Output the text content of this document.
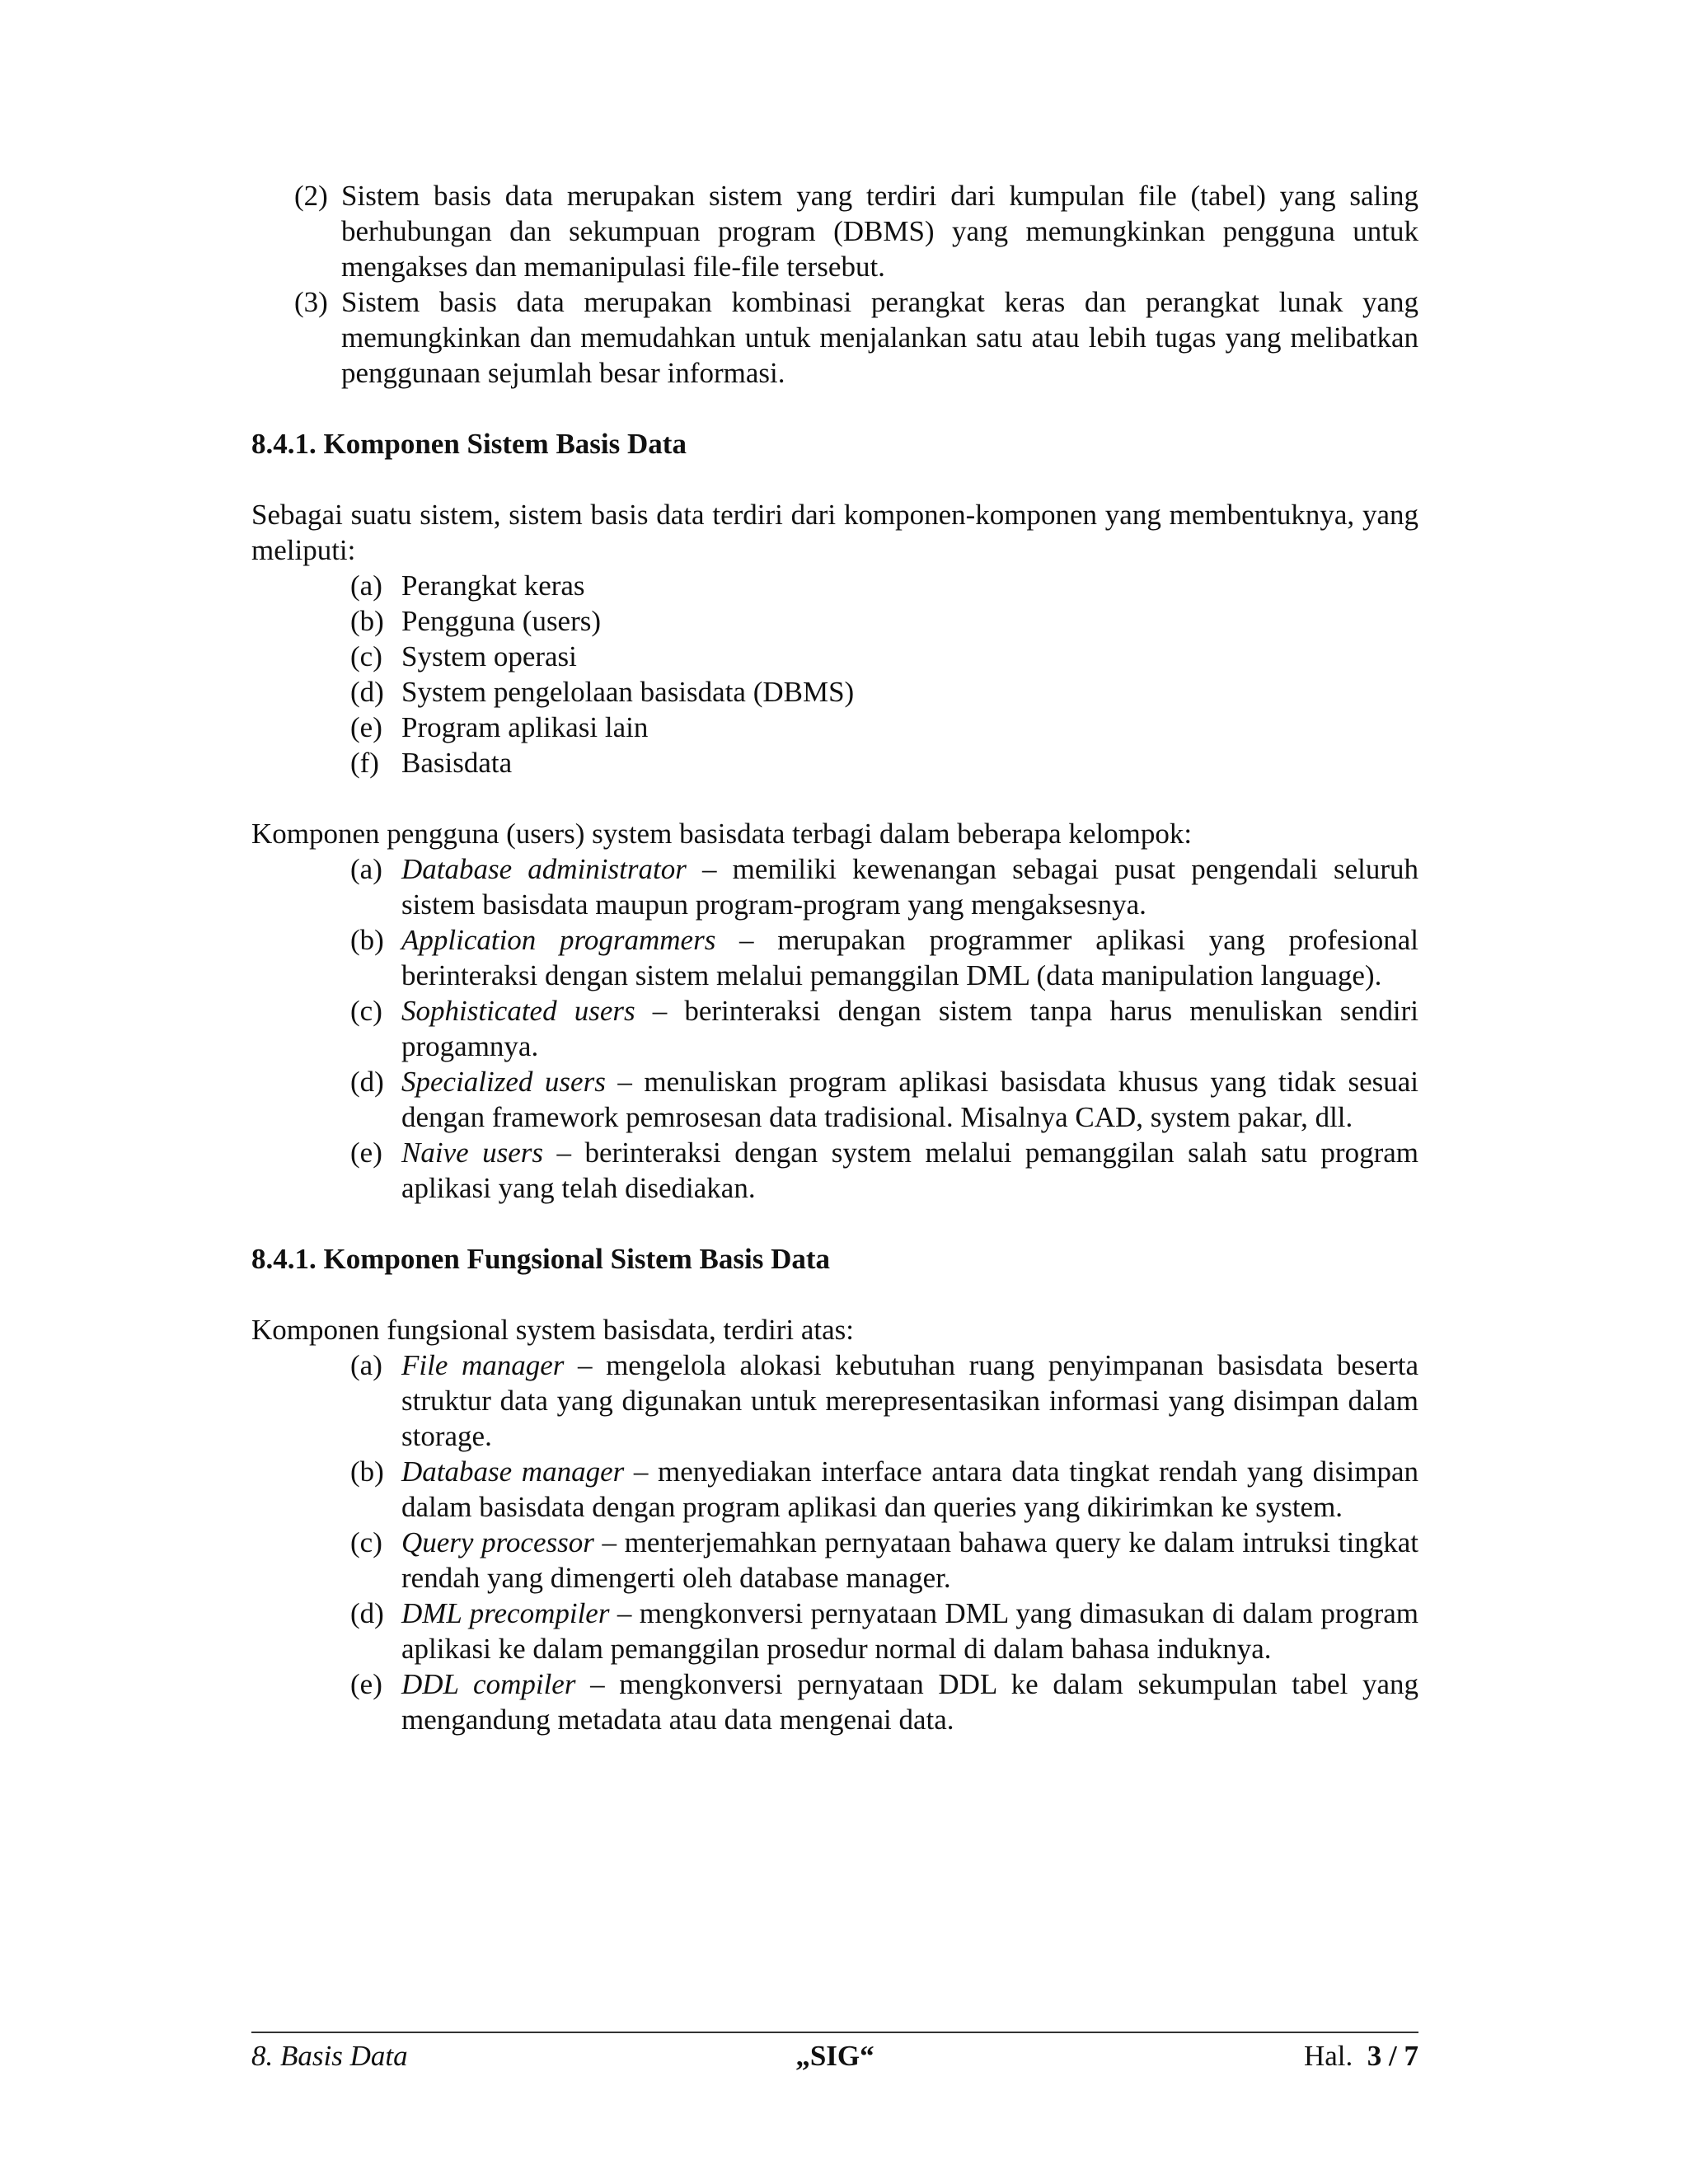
(2) Sistem basis data merupakan sistem yang terdiri dari kumpulan file (tabel) yang saling berhubungan dan sekumpuan program (DBMS) yang memungkinkan pengguna untuk mengakses dan memanipulasi file-file tersebut.
(3) Sistem basis data merupakan kombinasi perangkat keras dan perangkat lunak yang memungkinkan dan memudahkan untuk menjalankan satu atau lebih tugas yang melibatkan penggunaan sejumlah besar informasi.
8.4.1. Komponen Sistem Basis Data

Sebagai suatu sistem, sistem basis data terdiri dari komponen-komponen yang membentuknya, yang meliputi:

(a) Perangkat keras
(b) Pengguna (users)
(c) System operasi
(d) System pengelolaan basisdata (DBMS)
(e) Program aplikasi lain
(f) Basisdata

Komponen pengguna (users) system basisdata terbagi dalam beberapa kelompok:

(a) Database administrator – memiliki kewenangan sebagai pusat pengendali seluruh sistem basisdata maupun program-program yang mengaksesnya.
(b) Application programmers – merupakan programmer aplikasi yang profesional berinteraksi dengan sistem melalui pemanggilan DML (data manipulation language).
(c) Sophisticated users – berinteraksi dengan sistem tanpa harus menuliskan sendiri progamnya.
(d) Specialized users – menuliskan program aplikasi basisdata khusus yang tidak sesuai dengan framework pemrosesan data tradisional. Misalnya CAD, system pakar, dll.
(e) Naive users – berinteraksi dengan system melalui pemanggilan salah satu program aplikasi yang telah disediakan.
8.4.1. Komponen Fungsional Sistem Basis Data

Komponen fungsional system basisdata, terdiri atas:

(a) File manager – mengelola alokasi kebutuhan ruang penyimpanan basisdata beserta struktur data yang digunakan untuk merepresentasikan informasi yang disimpan dalam storage.
(b) Database manager – menyediakan interface antara data tingkat rendah yang disimpan dalam basisdata dengan program aplikasi dan queries yang dikirimkan ke system.
(c) Query processor – menterjemahkan pernyataan bahawa query ke dalam intruksi tingkat rendah yang dimengerti oleh database manager.
(d) DML precompiler – mengkonversi pernyataan DML yang dimasukan di dalam program aplikasi ke dalam pemanggilan prosedur normal di dalam bahasa induknya.
(e) DDL compiler – mengkonversi pernyataan DDL ke dalam sekumpulan tabel yang mengandung metadata atau data mengenai data.
8. Basis Data	„SIG“	Hal. 3 / 7
